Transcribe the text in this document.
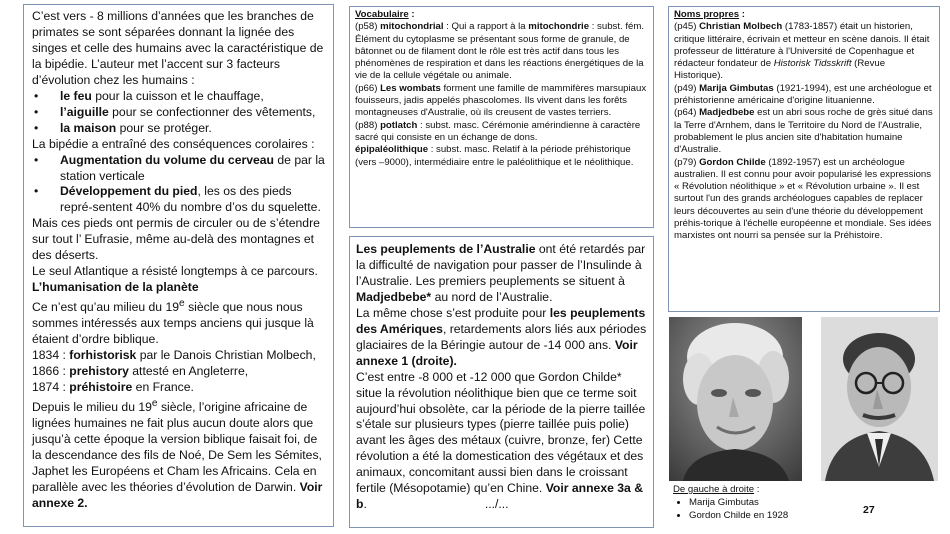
C’est vers - 8 millions d’années que les branches de primates se sont séparées donnant la lignée des singes et celle des humains avec la caractéristique de la bipédie. L’auteur met l’accent sur 3 facteurs d’évolution chez les humains :

• le feu pour la cuisson et le chauffage,

• l’aiguille pour se confectionner des vêtements,

• la maison pour se protéger.

La bipédie a entraîné des conséquences corolaires :

• Augmentation du volume du cerveau de par la station verticale

• Développement du pied, les os des pieds repré-sentent 40% du nombre d’os du squelette.

Mais ces pieds ont permis de circuler ou de s’étendre sur tout l’ Eufrasie, même au-delà des montagnes et des déserts.

Le seul Atlantique a résisté longtemps à ce parcours.

L’humanisation de la planète

Ce n’est qu’au milieu du 19e siècle que nous nous sommes intéressés aux temps anciens qui jusque là étaient d’ordre biblique.

1834 : forhistorisk par le Danois Christian Molbech,

1866 : prehistory attesté en Angleterre,

1874 : préhistoire en France.

Depuis le milieu du 19e siècle, l’origine africaine de lignées humaines ne fait plus aucun doute alors que jusqu’à cette époque la version biblique faisait foi, de la descendance des fils de Noé, De Sem les Sémites, Japhet les Européens et Cham les Africains. Cela en parallèle avec les théories d’évolution de Darwin. Voir annexe 2.

Vocabulaire :

(p58) mitochondrial : Qui a rapport à la mitochondrie : subst. fém. Élément du cytoplasme se présentant sous forme de granule, de bâtonnet ou de filament dont le rôle est très actif dans tous les phénomènes de respiration et dans les réactions énergétiques de la vie de la cellule végétale ou animale.

(p66) Les wombats forment une famille de mammifères marsupiaux fouisseurs, jadis appelés phascolomes. Ils vivent dans les forêts montagneuses d'Australie, où ils creusent de vastes terriers.

(p88) potlatch : subst. masc. Cérémonie amérindienne à caractère sacré qui consiste en un échange de dons.

épipaléolithique : subst. masc. Relatif à la période préhistorique (vers –9000), intermédiaire entre le paléolithique et le néolithique.

Les peuplements de l’Australie ont été retardés par la difficulté de navigation pour passer de l’Insulinde à l’Australie. Les premiers peuplements se situent à Madjedbebe* au nord de l’Australie.

La même chose s’est produite pour les peuplements des Amériques, retardements alors liés aux périodes glaciaires de la Béringie autour de -14 000 ans. Voir annexe 1 (droite).

C’est entre -8 000 et -12 000 que Gordon Childe* situe la révolution néolithique bien que ce terme soit aujourd’hui obsolète, car la période de la pierre taillée s’étale sur plusieurs types (pierre taillée puis polie) avant les âges des métaux (cuivre, bronze, fer) Cette révolution a été la domestication des végétaux et des animaux, concomitant aussi bien dans le croissant fertile (Mésopotamie) qu’en Chine. Voir annexe 3a & b.	.../...

Noms propres :

(p45) Christian Molbech (1783-1857) était un historien, critique littéraire, écrivain et metteur en scène danois. Il était professeur de littérature à l'Université de Copenhague et rédacteur fondateur de Historisk Tidsskrift (Revue Historique).

(p49) Marija Gimbutas (1921-1994), est une archéologue et préhistorienne américaine d'origine lituanienne.

(p64) Madjedbebe est un abri sous roche de grès situé dans la Terre d'Arnhem, dans le Territoire du Nord de l'Australie, probablement le plus ancien site d'habitation humaine d'Australie.

(p79) Gordon Childe (1892-1957) est un archéologue australien. Il est connu pour avoir popularisé les expressions « Révolution néolithique » et « Révolution urbaine ». Il est surtout l'un des grands archéologues capables de replacer leurs découvertes au sein d'une théorie du développement préhis-torique à l'échelle européenne et mondiale. Ses idées marxistes ont nourri sa pensée sur la Préhistoire.

De gauche à droite :
• Marija Gimbutas
• Gordon Childe en 1928	27
